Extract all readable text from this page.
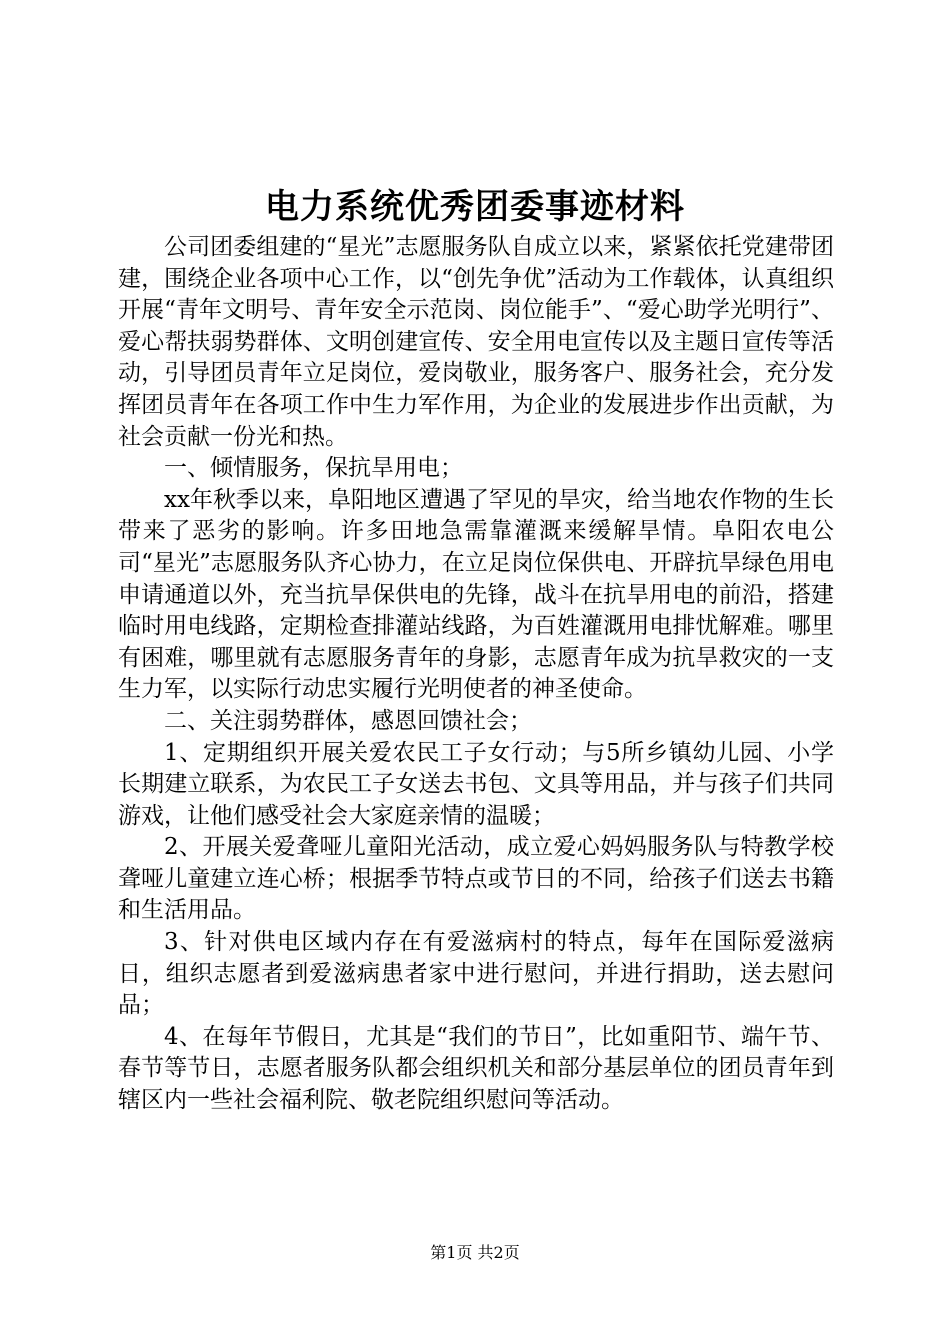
电力系统优秀团委事迹材料

公司团委组建的“星光”志愿服务队自成立以来，紧紧依托党建带团建，围绕企业各项中心工作，以“创先争优”活动为工作载体，认真组织开展“青年文明号、青年安全示范岗、岗位能手”、“爱心助学光明行”、爱心帮扶弱势群体、文明创建宣传、安全用电宣传以及主题日宣传等活动，引导团员青年立足岗位，爱岗敬业，服务客户、服务社会，充分发挥团员青年在各项工作中生力军作用，为企业的发展进步作出贡献，为社会贡献一份光和热。

一、倾情服务，保抗旱用电；

xx年秋季以来，阜阳地区遭遇了罕见的旱灾，给当地农作物的生长带来了恶劣的影响。许多田地急需靠灌溉来缓解旱情。阜阳农电公司“星光”志愿服务队齐心协力，在立足岗位保供电、开辟抗旱绿色用电申请通道以外，充当抗旱保供电的先锋，战斗在抗旱用电的前沿，搭建临时用电线路，定期检查排灌站线路，为百姓灌溉用电排忧解难。哪里有困难，哪里就有志愿服务青年的身影，志愿青年成为抗旱救灾的一支生力军，以实际行动忠实履行光明使者的神圣使命。

二、关注弱势群体，感恩回馈社会；

1、定期组织开展关爱农民工子女行动；与5所乡镇幼儿园、小学长期建立联系，为农民工子女送去书包、文具等用品，并与孩子们共同游戏，让他们感受社会大家庭亲情的温暖；

2、开展关爱聋哑儿童阳光活动，成立爱心妈妈服务队与特教学校聋哑儿童建立连心桥；根据季节特点或节日的不同，给孩子们送去书籍和生活用品。

3、针对供电区域内存在有爱滋病村的特点，每年在国际爱滋病日，组织志愿者到爱滋病患者家中进行慰问，并进行捐助，送去慰问品；

4、在每年节假日，尤其是“我们的节日”，比如重阳节、端午节、春节等节日，志愿者服务队都会组织机关和部分基层单位的团员青年到辖区内一些社会福利院、敬老院组织慰问等活动。

第1页 共2页
